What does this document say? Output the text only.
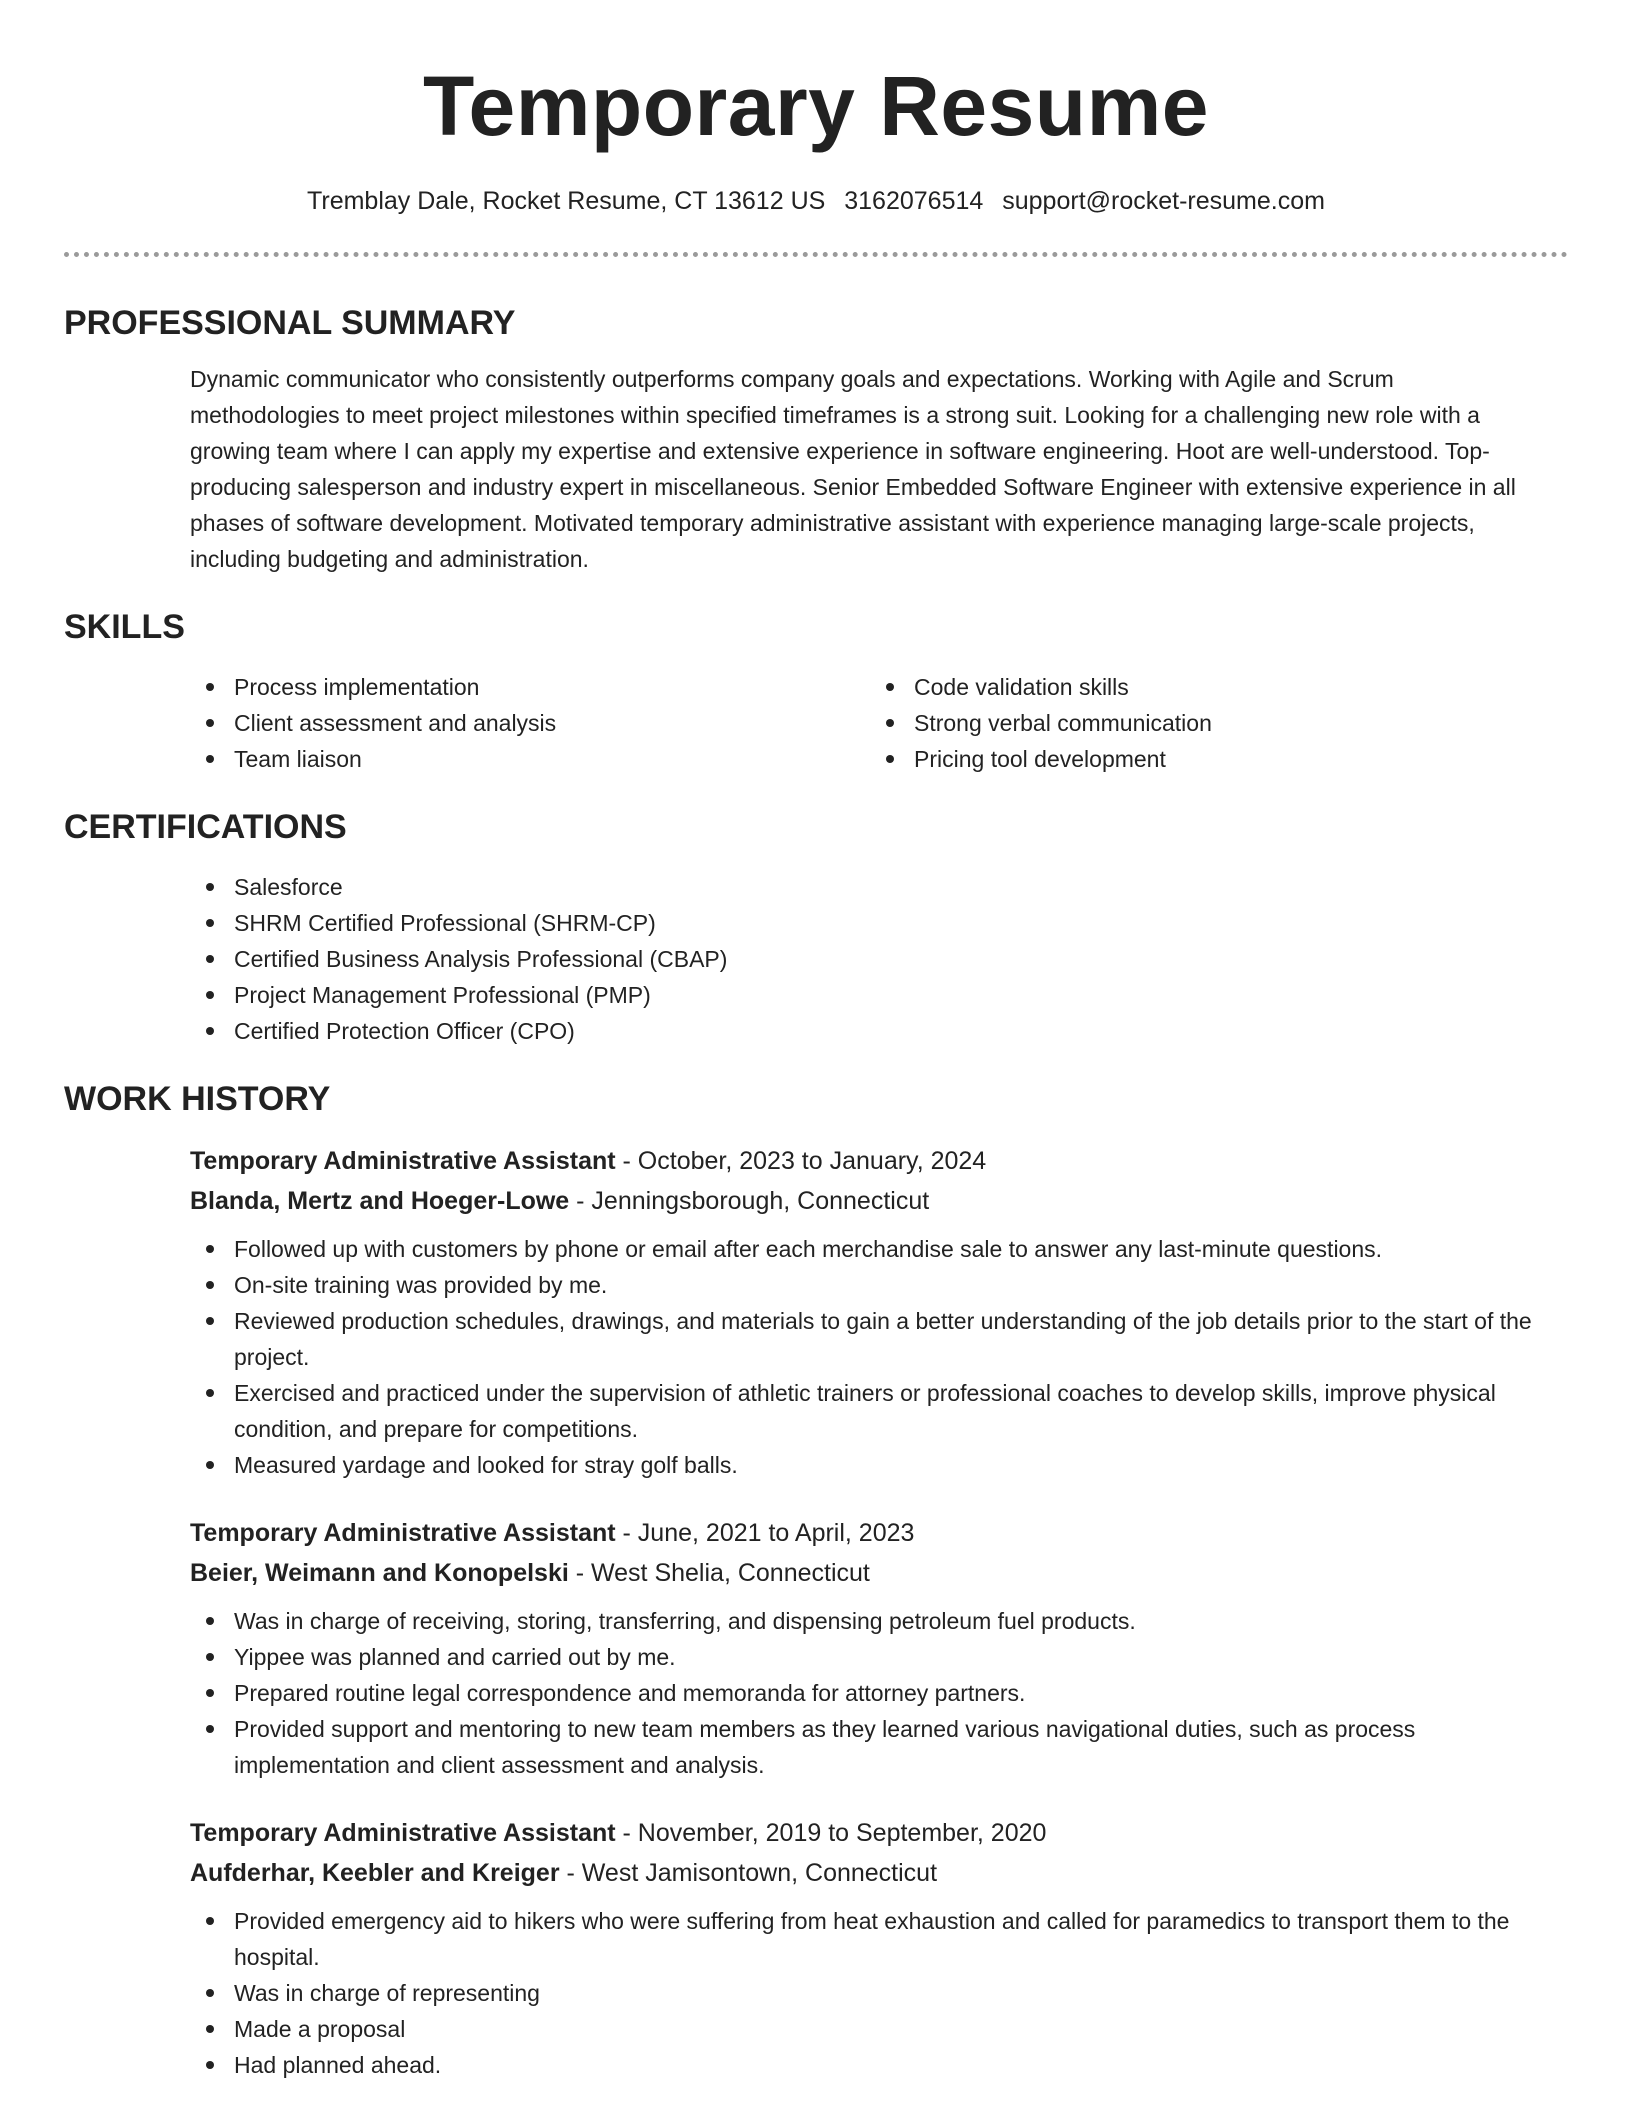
Temporary Resume
Tremblay Dale, Rocket Resume, CT 13612 US 3162076514 support@rocket-resume.com
PROFESSIONAL SUMMARY

Dynamic communicator who consistently outperforms company goals and expectations. Working with Agile and Scrum methodologies to meet project milestones within specified timeframes is a strong suit. Looking for a challenging new role with a growing team where I can apply my expertise and extensive experience in software engineering. Hoot are well-understood. Top-producing salesperson and industry expert in miscellaneous. Senior Embedded Software Engineer with extensive experience in all phases of software development. Motivated temporary administrative assistant with experience managing large-scale projects, including budgeting and administration.

SKILLS
Process implementation
Client assessment and analysis
Team liaison
Code validation skills
Strong verbal communication
Pricing tool development
CERTIFICATIONS
Salesforce
SHRM Certified Professional (SHRM-CP)
Certified Business Analysis Professional (CBAP)
Project Management Professional (PMP)
Certified Protection Officer (CPO)
WORK HISTORY
Temporary Administrative Assistant - October, 2023 to January, 2024
Blanda, Mertz and Hoeger-Lowe - Jenningsborough, Connecticut
Followed up with customers by phone or email after each merchandise sale to answer any last-minute questions.
On-site training was provided by me.
Reviewed production schedules, drawings, and materials to gain a better understanding of the job details prior to the start of the project.
Exercised and practiced under the supervision of athletic trainers or professional coaches to develop skills, improve physical condition, and prepare for competitions.
Measured yardage and looked for stray golf balls.
Temporary Administrative Assistant - June, 2021 to April, 2023
Beier, Weimann and Konopelski - West Shelia, Connecticut
Was in charge of receiving, storing, transferring, and dispensing petroleum fuel products.
Yippee was planned and carried out by me.
Prepared routine legal correspondence and memoranda for attorney partners.
Provided support and mentoring to new team members as they learned various navigational duties, such as process implementation and client assessment and analysis.
Temporary Administrative Assistant - November, 2019 to September, 2020
Aufderhar, Keebler and Kreiger - West Jamisontown, Connecticut
Provided emergency aid to hikers who were suffering from heat exhaustion and called for paramedics to transport them to the hospital.
Was in charge of representing
Made a proposal
Had planned ahead.
